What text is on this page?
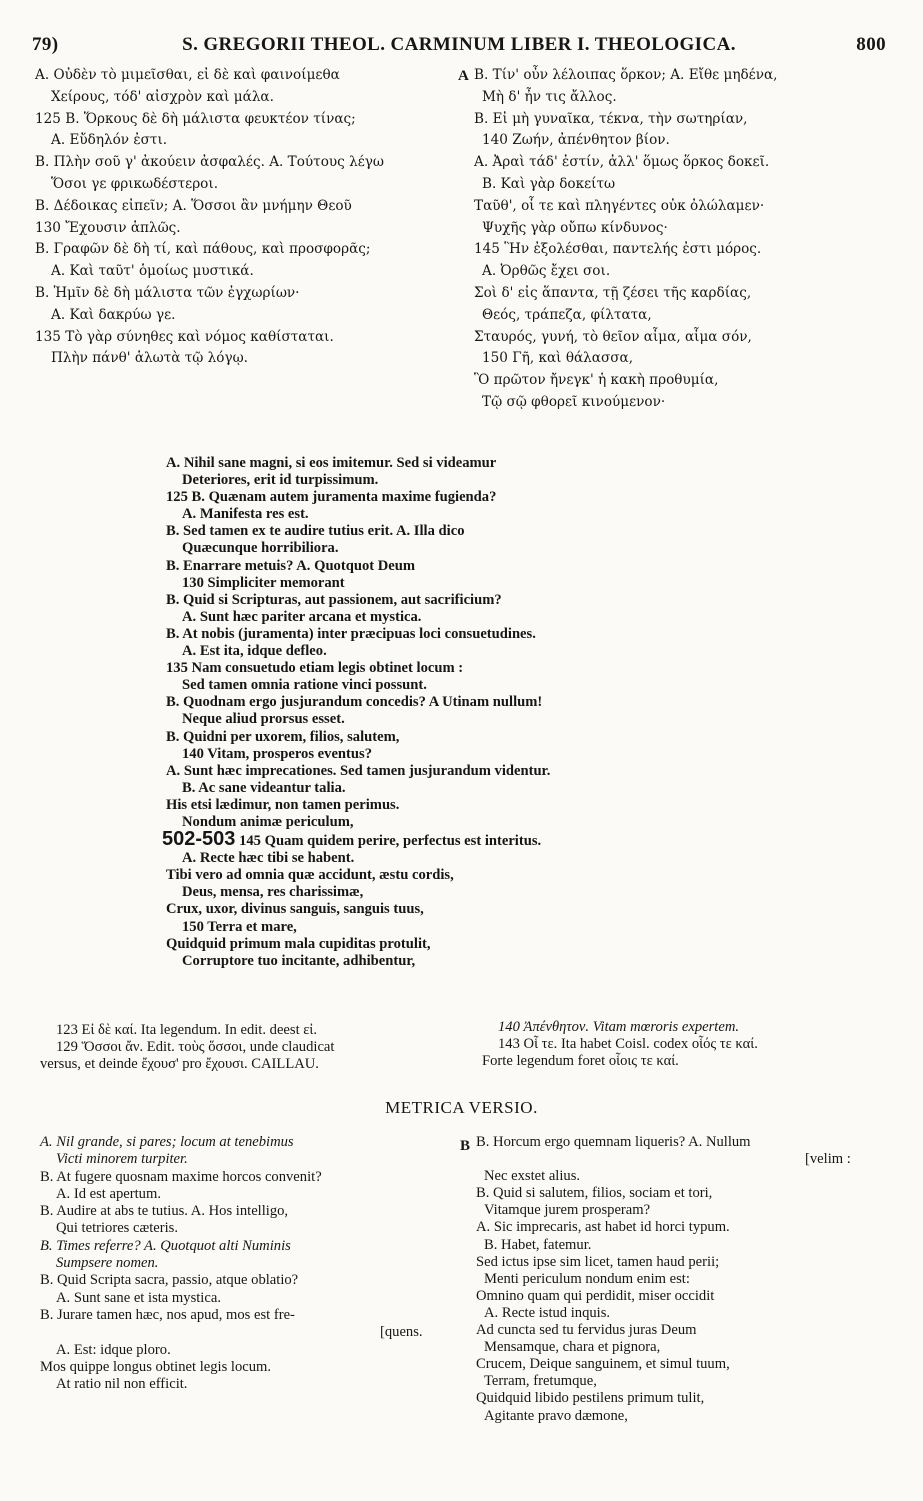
79)	S. GREGORII THEOL. CARMINUM LIBER I. THEOLOGICA.	800
A
B
A. Οὐδὲν τὸ μιμεῖσθαι, εἰ δὲ καὶ φαινοίμεθα
Χείρους, τόδ' αἰσχρὸν καὶ μάλα.
125 B. Ὅρκους δὲ δὴ μάλιστα φευκτέον τίνας;
A. Εὔδηλόν ἐστι.
B. Πλὴν σοῦ γ' ἀκούειν ἀσφαλές. A. Τούτους λέγω
Ὅσοι γε φρικωδέστεροι.
B. Δέδοικας εἰπεῖν; A. Ὅσσοι ἂν μνήμην Θεοῦ
130 Ἔχουσιν ἁπλῶς.
B. Γραφῶν δὲ δὴ τί, καὶ πάθους, καὶ προσφορᾶς;
A. Καὶ ταῦτ' ὁμοίως μυστικά.
B. Ἡμῖν δὲ δὴ μάλιστα τῶν ἐγχωρίων·
A. Καὶ δακρύω γε.
135 Τὸ γὰρ σύνηθες καὶ νόμος καθίσταται.
Πλὴν πάνθ' ἁλωτὰ τῷ λόγῳ.
B. Τίν' οὖν λέλοιπας ὅρκον; A. Εἴθε μηδένα,
Μὴ δ' ἦν τις ἄλλος.
B. Εἰ μὴ γυναῖκα, τέκνα, τὴν σωτηρίαν,
140 Ζωήν, ἀπένθητον βίον.
A. Ἀραὶ τάδ' ἐστίν, ἀλλ' ὅμως ὅρκος δοκεῖ.
B. Καὶ γὰρ δοκείτω
Ταῦθ', οἷ τε καὶ πληγέντες οὐκ ὀλώλαμεν·
Ψυχῆς γὰρ οὔπω κίνδυνος·
145 Ἣν ἐξολέσθαι, παντελής ἐστι μόρος.
A. Ὀρθῶς ἔχει σοι.
Σοὶ δ' εἰς ἅπαντα, τῇ ζέσει τῆς καρδίας,
Θεός, τράπεζα, φίλτατα,
Σταυρός, γυνή, τὸ θεῖον αἷμα, αἷμα σόν,
150 Γῆ, καὶ θάλασσα,
Ὃ πρῶτον ἤνεγκ' ἡ κακὴ προθυμία,
Τῷ σῷ φθορεῖ κινούμενον·
A. Nihil sane magni, si eos imitemur. Sed si videamur
Deteriores, erit id turpissimum.
125 B. Quænam autem juramenta maxime fugienda?
A. Manifesta res est.
B. Sed tamen ex te audire tutius erit. A. Illa dico
Quæcunque horribiliora.
B. Enarrare metuis? A. Quotquot Deum
130 Simpliciter memorant
B. Quid si Scripturas, aut passionem, aut sacrificium?
A. Sunt hæc pariter arcana et mystica.
B. At nobis (juramenta) inter præcipuas loci consuetudines.
A. Est ita, idque defleo.
135 Nam consuetudo etiam legis obtinet locum :
Sed tamen omnia ratione vinci possunt.
B. Quodnam ergo jusjurandum concedis? A Utinam nullum!
Neque aliud prorsus esset.
B. Quidni per uxorem, filios, salutem,
140 Vitam, prosperos eventus?
A. Sunt hæc imprecationes. Sed tamen jusjurandum videntur.
B. Ac sane videantur talia.
His etsi lædimur, non tamen perimus.
Nondum animæ periculum,
502-503 145 Quam quidem perire, perfectus est interitus.
A. Recte hæc tibi se habent.
Tibi vero ad omnia quæ accidunt, æstu cordis,
Deus, mensa, res charissimæ,
Crux, uxor, divinus sanguis, sanguis tuus,
150 Terra et mare,
Quidquid primum mala cupiditas protulit,
Corruptore tuo incitante, adhibentur,
123 Εἰ δὲ καί. Ita legendum. In edit. deest εἰ.
129 Ὅσσοι ἄν. Edit. τοὺς ὅσσοι, unde claudicat
versus, et deinde ἔχουσ' pro ἔχουσι. CAILLAU.
140 Ἀπένθητον. Vitam mœroris expertem.
143 Οἷ τε. Ita habet Coisl. codex οἷός τε καί.
Forte legendum foret οἷοις τε καί.
METRICA VERSIO.
A. Nil grande, si pares; locum at tenebimus
Victi minorem turpiter.
B. At fugere quosnam maxime horcos convenit?
A. Id est apertum.
B. Audire at abs te tutius. A. Hos intelligo,
Qui tetriores cæteris.
B. Times referre? A. Quotquot alti Numinis
Sumpsere nomen.
B. Quid Scripta sacra, passio, atque oblatio?
A. Sunt sane et ista mystica.
B. Jurare tamen hæc, nos apud, mos est fre-
[quens.
A. Est: idque ploro.
Mos quippe longus obtinet legis locum.
At ratio nil non efficit.
B. Horcum ergo quemnam liqueris? A. Nullum
[velim :
Nec exstet alius.
B. Quid si salutem, filios, sociam et tori,
Vitamque jurem prosperam?
A. Sic imprecaris, ast habet id horci typum.
B. Habet, fatemur.
Sed ictus ipse sim licet, tamen haud perii;
Menti periculum nondum enim est:
Omnino quam qui perdidit, miser occidit
A. Recte istud inquis.
Ad cuncta sed tu fervidus juras Deum
Mensamque, chara et pignora,
Crucem, Deique sanguinem, et simul tuum,
Terram, fretumque,
Quidquid libido pestilens primum tulit,
Agitante pravo dæmone,
